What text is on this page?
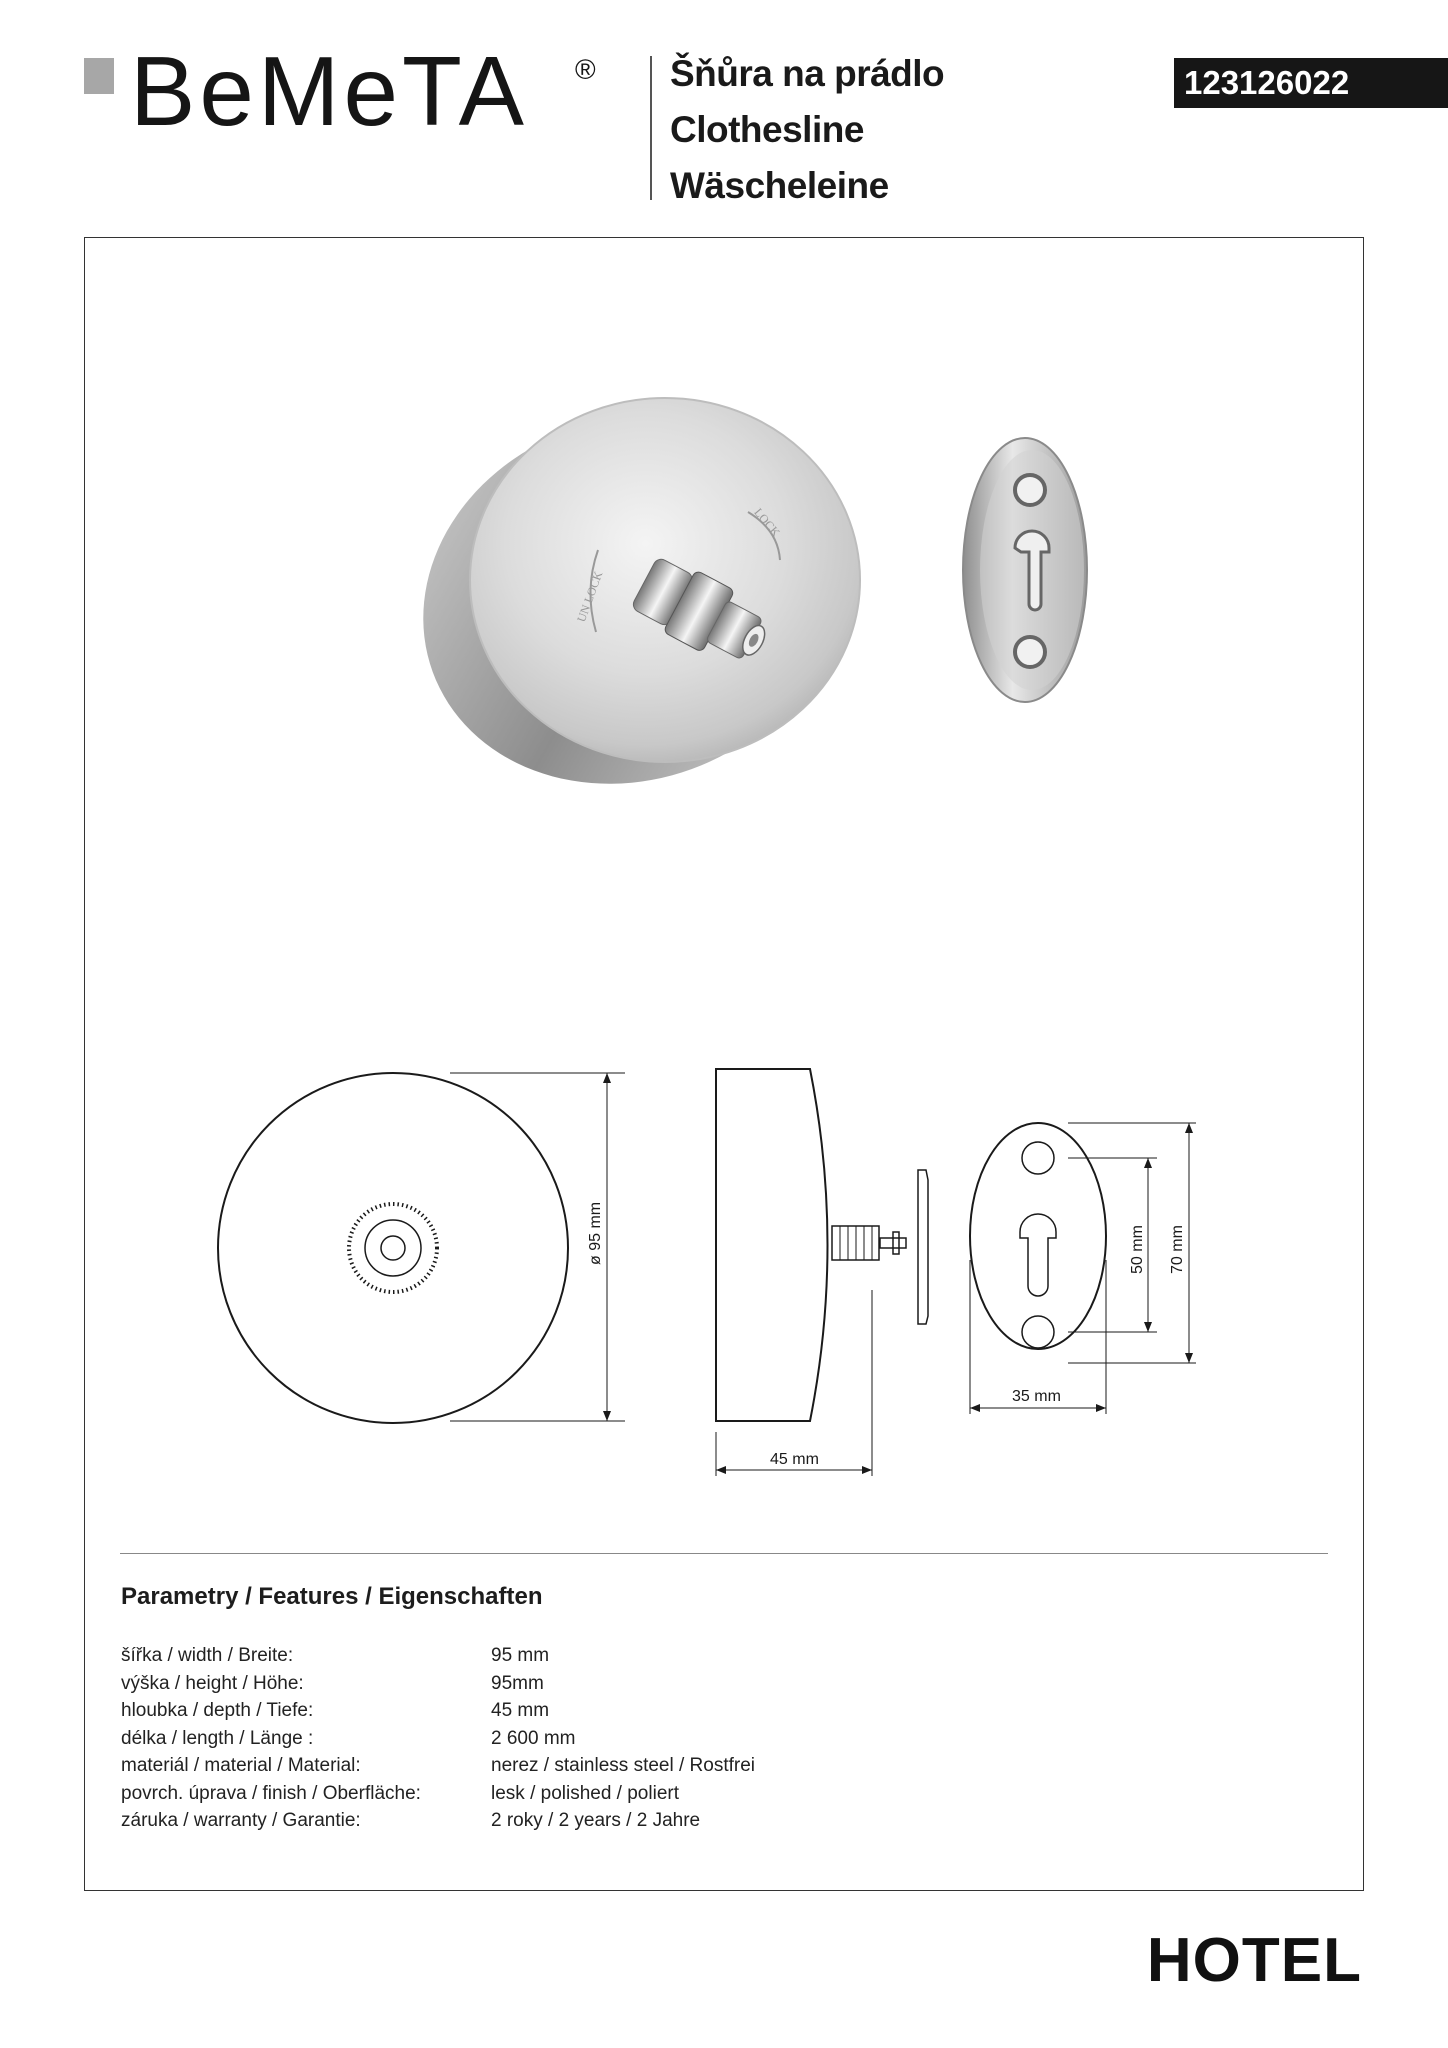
BeMeTA ® Šňůra na prádlo
Clothesline
Wäscheleine
123126022
LOCK
UN LOCK
ø 95 mm
45 mm
50 mm 70 mm
35 mm
Parametry / Features / Eigenschaften
šířka / width / Breite:	95 mm
výška / height / Höhe:	95mm
hloubka / depth / Tiefe:	45 mm
délka / length / Länge :	2 600 mm
materiál / material / Material:	nerez / stainless steel / Rostfrei
povrch. úprava / finish / Oberfläche:	lesk / polished / poliert
záruka / warranty / Garantie:	2 roky / 2 years / 2 Jahre
HOTEL
